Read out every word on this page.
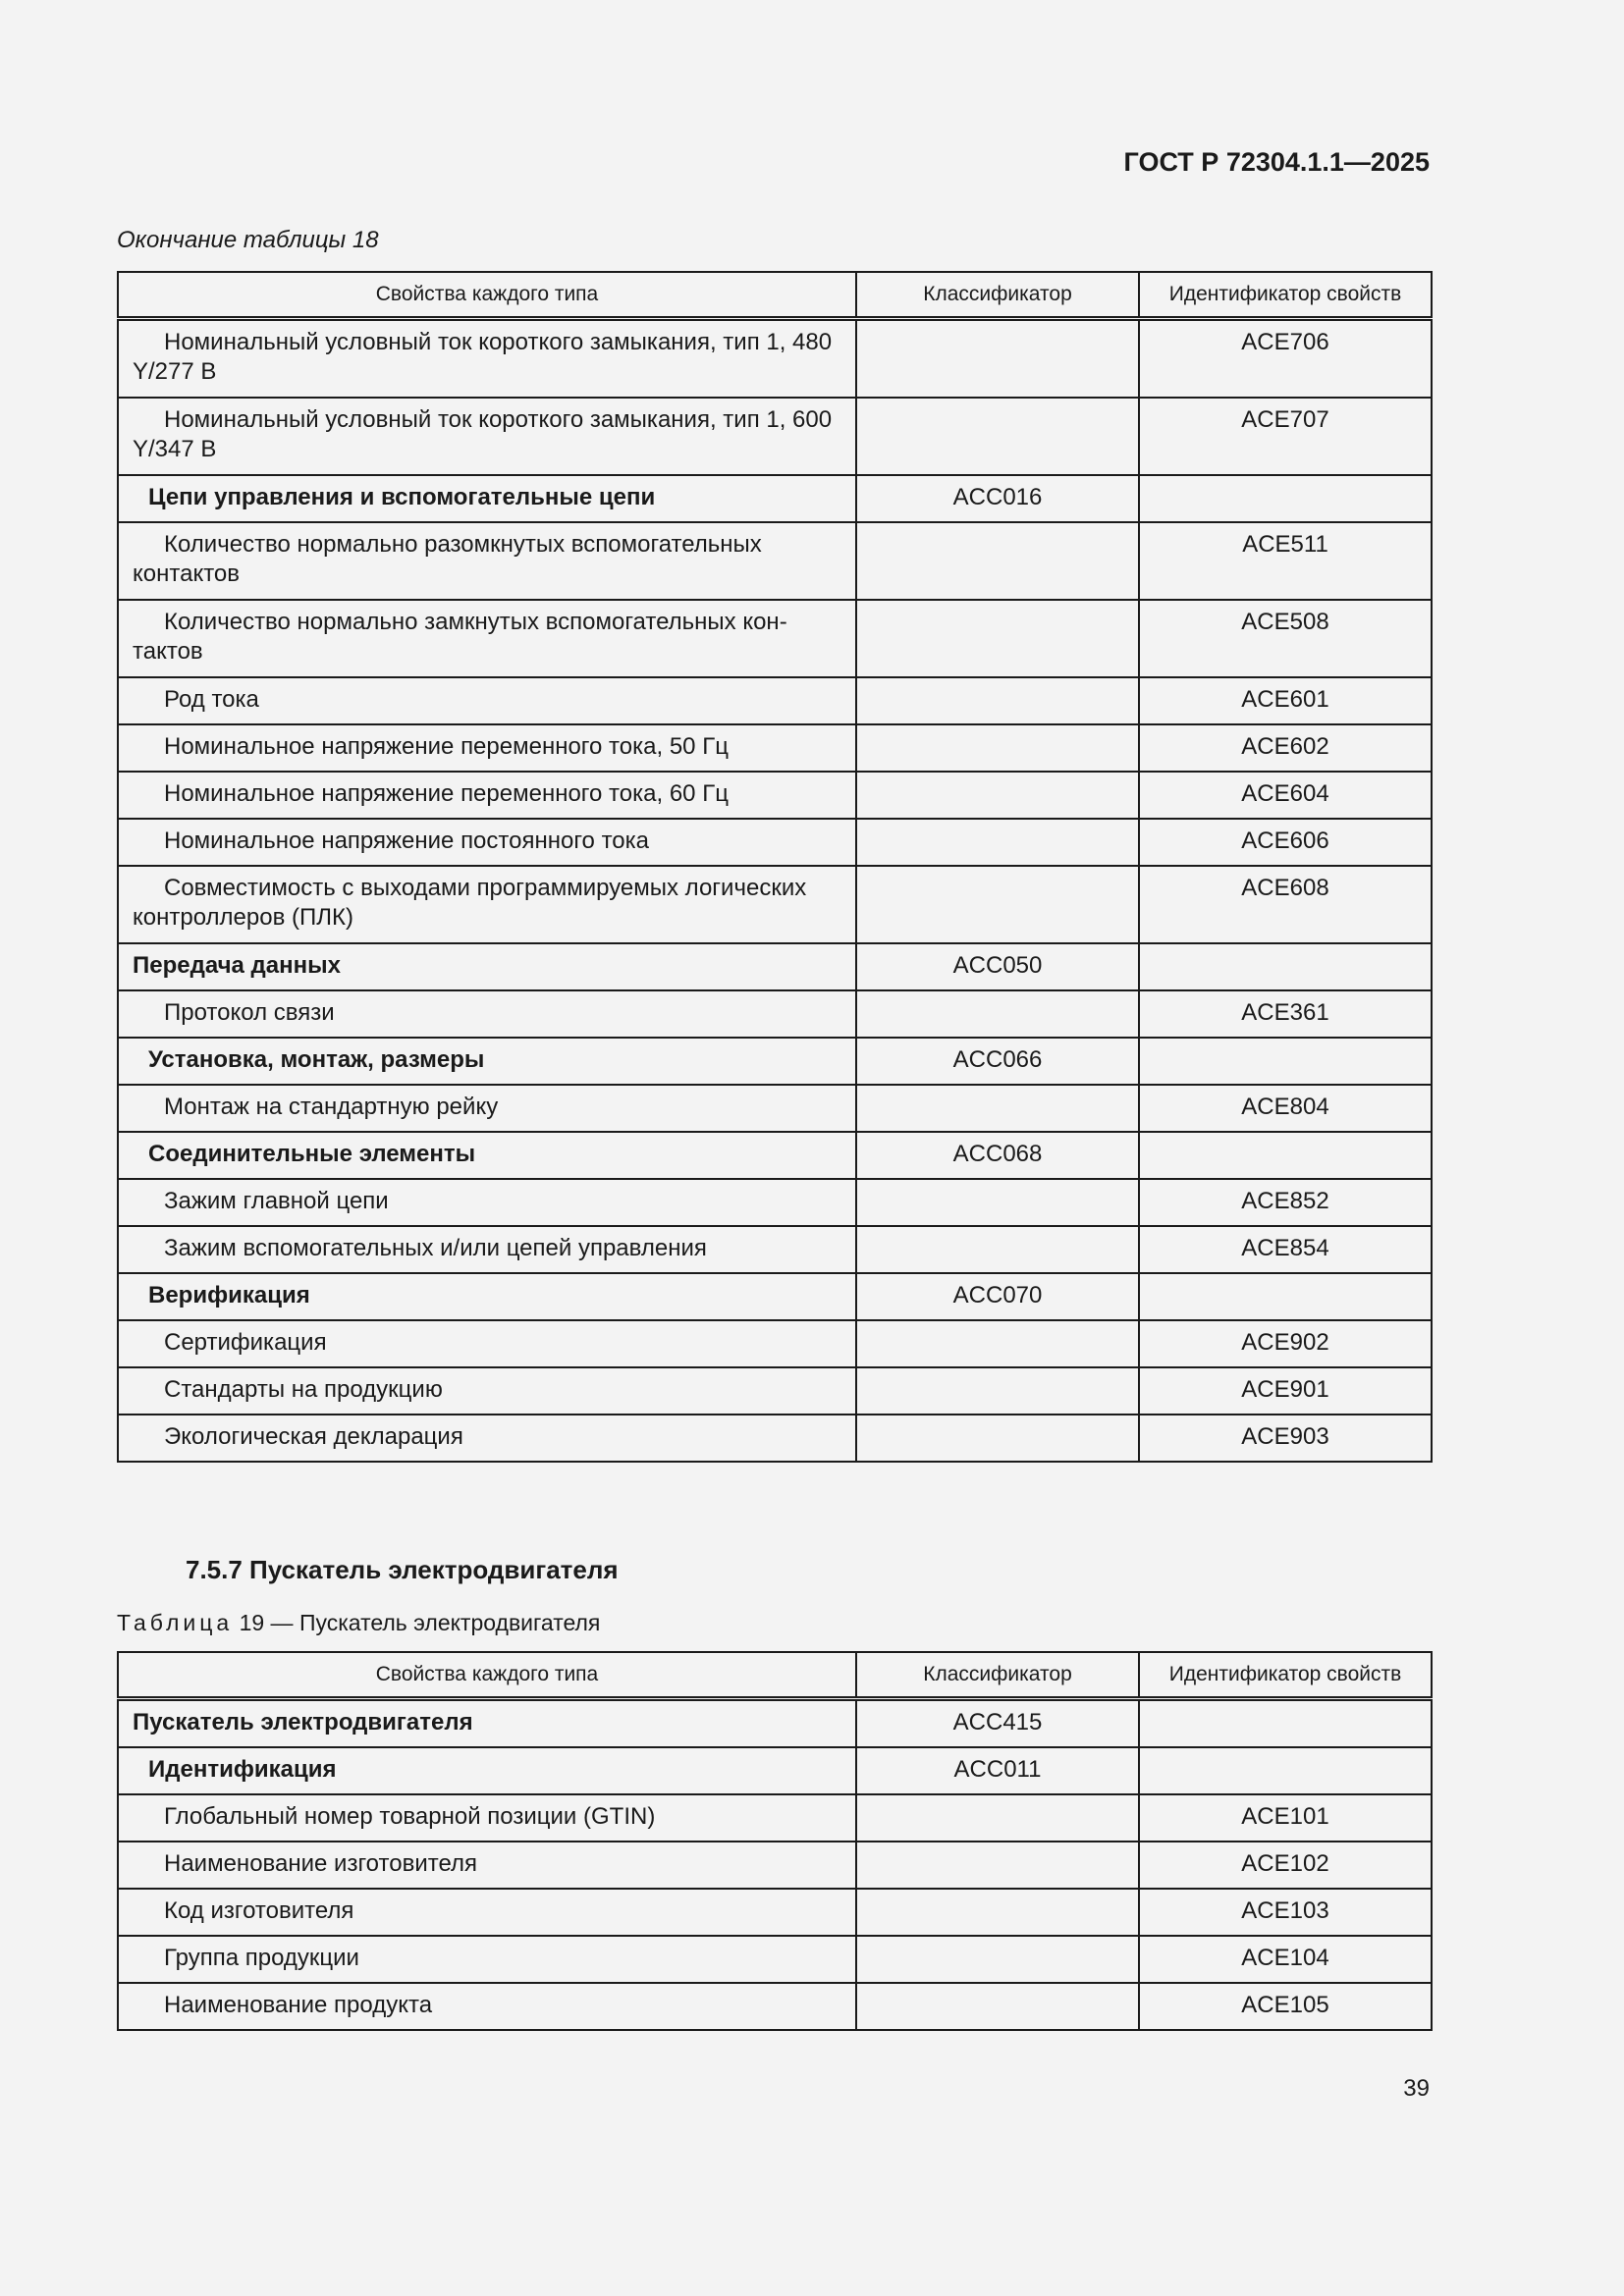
ГОСТ Р 72304.1.1—2025
Окончание таблицы 18
Свойства каждого типа	Классификатор	Идентификатор свойств
Номинальный условный ток короткого замыкания, тип 1, 480 Y/277 В		ACE706
Номинальный условный ток короткого замыкания, тип 1, 600 Y/347 В		ACE707
Цепи управления и вспомогательные цепи	ACC016	
Количество нормально разомкнутых вспомогательных контактов		ACE511
Количество нормально замкнутых вспомогательных контактов		ACE508
Род тока		ACE601
Номинальное напряжение переменного тока, 50 Гц		ACE602
Номинальное напряжение переменного тока, 60 Гц		ACE604
Номинальное напряжение постоянного тока		ACE606
Совместимость с выходами программируемых логических контроллеров (ПЛК)		ACE608
Передача данных	ACC050	
Протокол связи		ACE361
Установка, монтаж, размеры	ACC066	
Монтаж на стандартную рейку		ACE804
Соединительные элементы	ACC068	
Зажим главной цепи		ACE852
Зажим вспомогательных и/или цепей управления		ACE854
Верификация	ACC070	
Сертификация		ACE902
Стандарты на продукцию		ACE901
Экологическая декларация		ACE903
7.5.7 Пускатель электродвигателя
Таблица 19 — Пускатель электродвигателя
Свойства каждого типа	Классификатор	Идентификатор свойств
Пускатель электродвигателя	ACC415	
Идентификация	ACC011	
Глобальный номер товарной позиции (GTIN)		ACE101
Наименование изготовителя		ACE102
Код изготовителя		ACE103
Группа продукции		ACE104
Наименование продукта		ACE105
39
